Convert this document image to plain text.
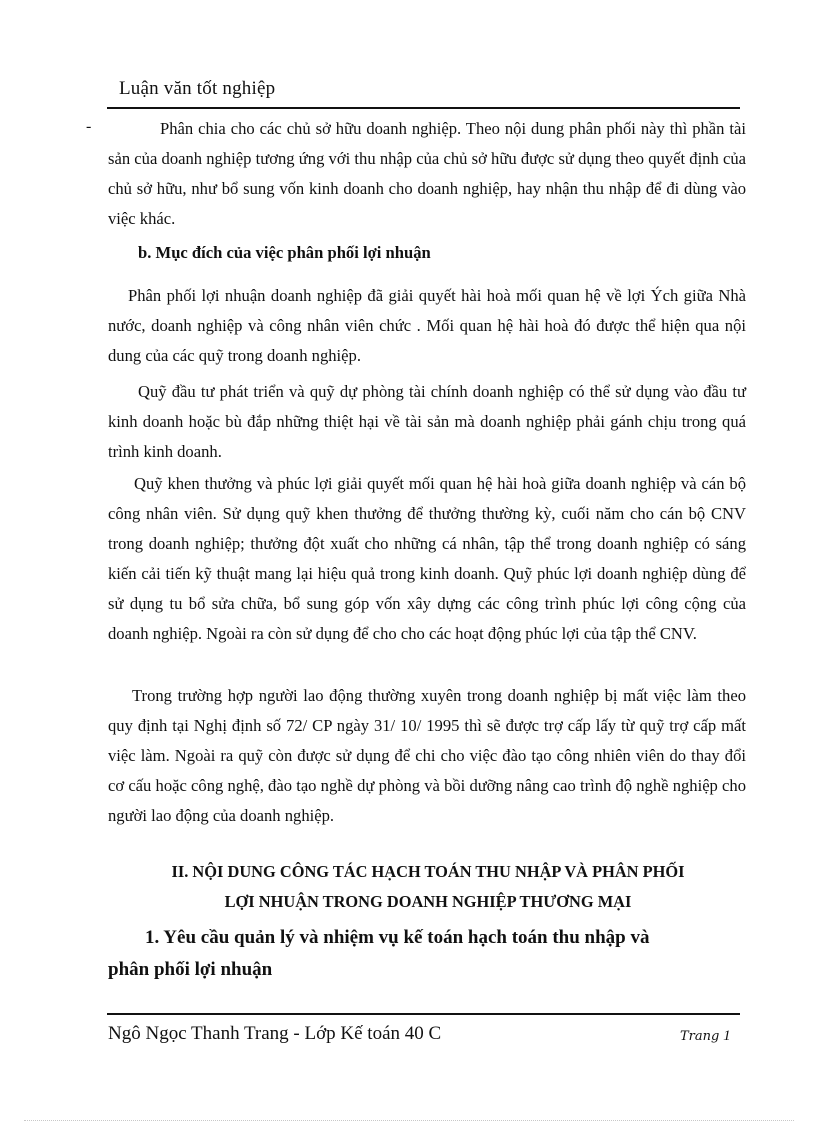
Luận văn tốt nghiệp
-	Phân chia cho các chủ sở hữu doanh nghiệp. Theo nội dung phân phối này thì phần tài sản của doanh nghiệp tương ứng với thu nhập của chủ sở hữu được sử dụng theo quyết định của chủ sở hữu, như bổ sung vốn kinh doanh cho doanh nghiệp, hay nhận thu nhập để đi dùng vào việc khác.
b. Mục đích của việc phân phối lợi nhuận
Phân phối lợi nhuận doanh nghiệp đã giải quyết hài hoà mối quan hệ về lợi Ých giữa Nhà nước, doanh nghiệp và công nhân viên chức . Mối quan hệ hài hoà đó được thể hiện qua nội dung của các quỹ trong doanh nghiệp.
Quỹ đầu tư phát triển và quỹ dự phòng tài chính doanh nghiệp có thể sử dụng vào đầu tư kinh doanh hoặc bù đắp những thiệt hại về tài sản mà doanh nghiệp phải gánh chịu trong quá trình kinh doanh.
Quỹ khen thưởng và phúc lợi giải quyết mối quan hệ hài hoà giữa doanh nghiệp và cán bộ công nhân viên. Sử dụng quỹ khen thưởng để thưởng thường kỳ, cuối năm cho cán bộ CNV trong doanh nghiệp; thưởng đột xuất cho những cá nhân, tập thể trong doanh nghiệp có sáng kiến cải tiến kỹ thuật mang lại hiệu quả trong kinh doanh. Quỹ phúc lợi doanh nghiệp dùng để sử dụng tu bổ sửa chữa, bổ sung góp vốn xây dựng các công trình phúc lợi công cộng của doanh nghiệp. Ngoài ra còn sử dụng để cho cho các hoạt động phúc lợi của tập thể CNV.
Trong trường hợp người lao động thường xuyên trong doanh nghiệp bị mất việc làm theo quy định tại Nghị định số 72/ CP ngày 31/ 10/ 1995 thì sẽ được trợ cấp lấy từ quỹ trợ cấp mất việc làm. Ngoài ra quỹ còn được sử dụng để chi cho việc đào tạo công nhiên viên do thay đổi cơ cấu hoặc công nghệ, đào tạo nghề dự phòng và bồi dưỡng nâng cao trình độ nghề nghiệp cho người lao động của doanh nghiệp.
II. NỘI DUNG CÔNG TÁC HẠCH TOÁN THU NHẬP VÀ PHÂN PHỐI
LỢI NHUẬN TRONG DOANH NGHIỆP THƯƠNG MẠI
1. Yêu cầu quản lý và nhiệm vụ kế toán hạch toán thu nhập và
phân phối lợi nhuận
Ngô Ngọc Thanh Trang - Lớp Kế toán 40 C	Trang 1
